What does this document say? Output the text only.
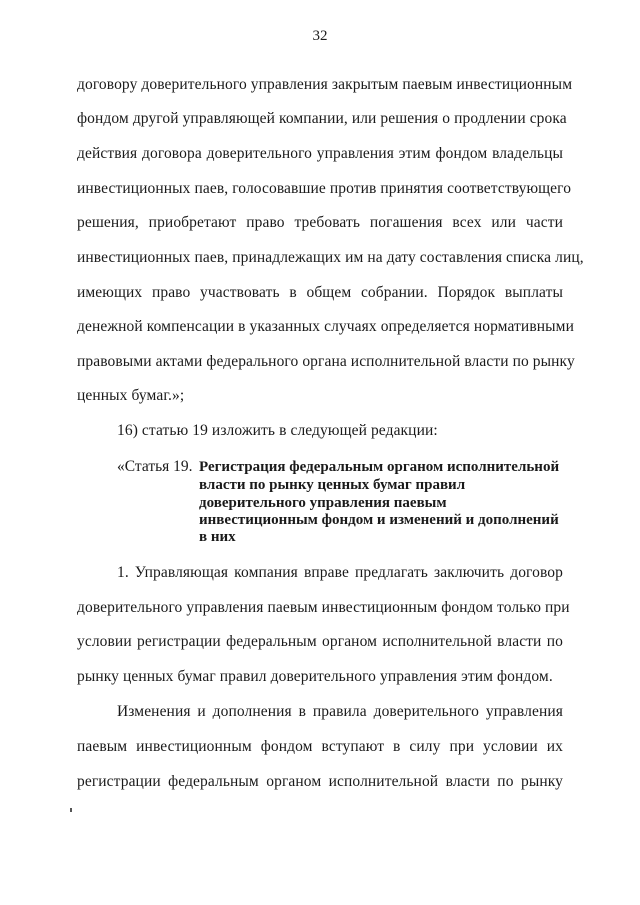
32
договору доверительного управления закрытым паевым инвестиционным
фондом другой управляющей компании, или решения о продлении срока
действия договора доверительного управления этим фондом владельцы
инвестиционных паев, голосовавшие против принятия соответствующего
решения, приобретают право требовать погашения всех или части
инвестиционных паев, принадлежащих им на дату составления списка лиц,
имеющих право участвовать в общем собрании. Порядок выплаты
денежной компенсации в указанных случаях определяется нормативными
правовыми актами федерального органа исполнительной власти по рынку
ценных бумаг.»;
16) статью 19 изложить в следующей редакции:
«Статья 19. Регистрация федеральным органом исполнительной
власти по рынку ценных бумаг правил
доверительного управления паевым
инвестиционным фондом и изменений и дополнений
в них
1. Управляющая компания вправе предлагать заключить договор
доверительного управления паевым инвестиционным фондом только при
условии регистрации федеральным органом исполнительной власти по
рынку ценных бумаг правил доверительного управления этим фондом.
Изменения и дополнения в правила доверительного управления
паевым инвестиционным фондом вступают в силу при условии их
регистрации федеральным органом исполнительной власти по рынку
